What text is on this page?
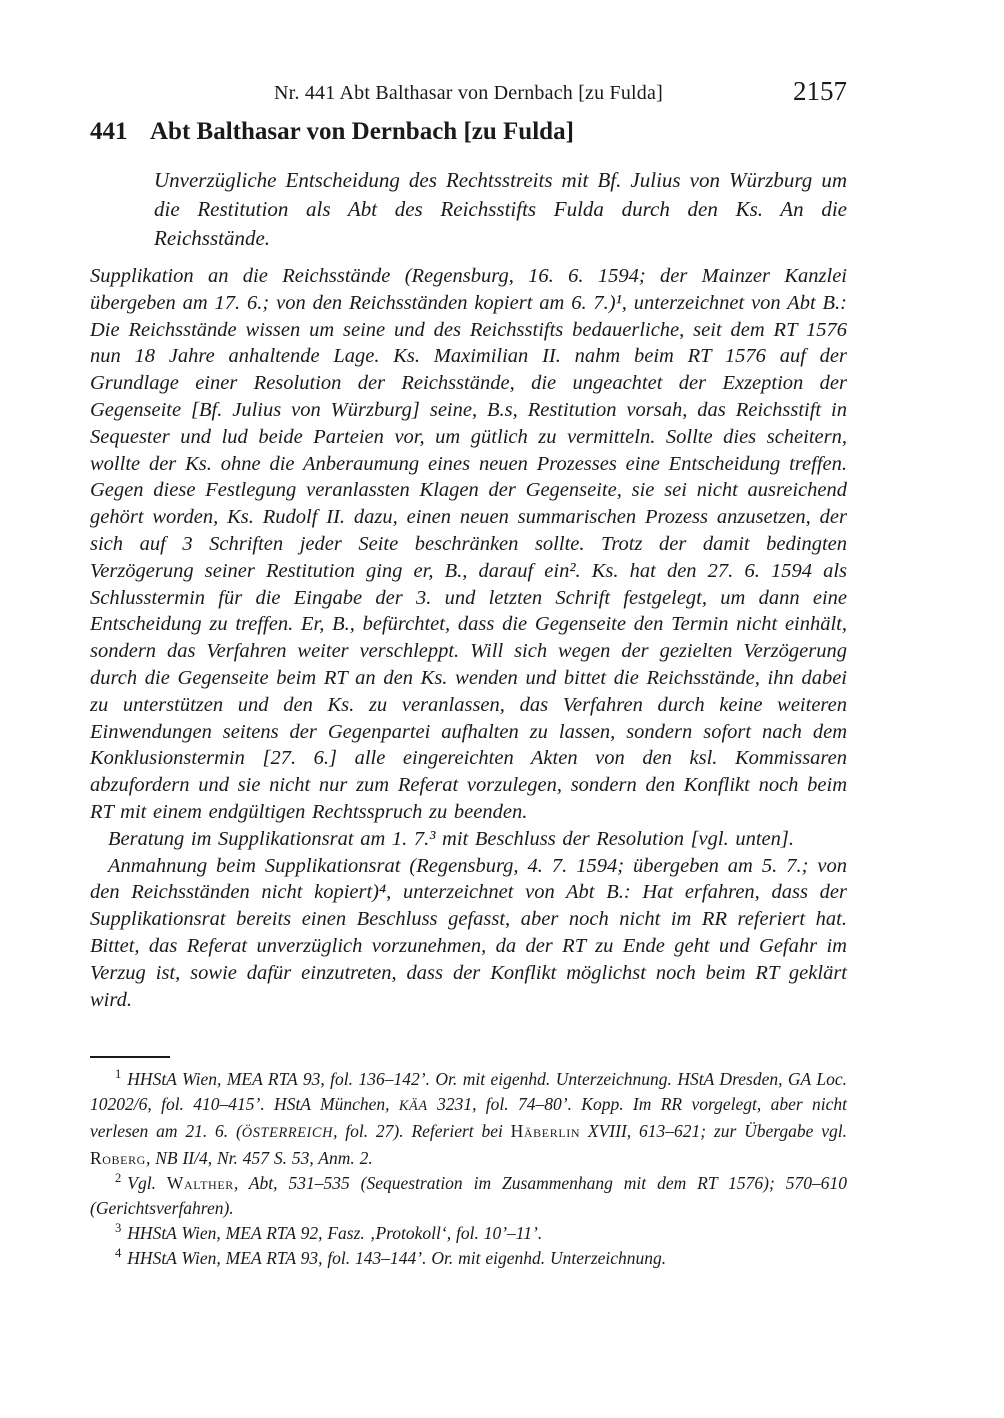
Nr. 441 Abt Balthasar von Dernbach [zu Fulda]	2157
441 Abt Balthasar von Dernbach [zu Fulda]

Unverzügliche Entscheidung des Rechtsstreits mit Bf. Julius von Würzburg um die Restitution als Abt des Reichsstifts Fulda durch den Ks. An die Reichsstände.

Supplikation an die Reichsstände (Regensburg, 16. 6. 1594; der Mainzer Kanzlei übergeben am 17. 6.; von den Reichsständen kopiert am 6. 7.)¹, unterzeichnet von Abt B.: Die Reichsstände wissen um seine und des Reichsstifts bedauerliche, seit dem RT 1576 nun 18 Jahre anhaltende Lage. Ks. Maximilian II. nahm beim RT 1576 auf der Grundlage einer Resolution der Reichsstände, die ungeachtet der Exzeption der Gegenseite [Bf. Julius von Würzburg] seine, B.s, Restitution vorsah, das Reichsstift in Sequester und lud beide Parteien vor, um gütlich zu vermitteln. Sollte dies scheitern, wollte der Ks. ohne die Anberaumung eines neuen Prozesses eine Entscheidung treffen. Gegen diese Festlegung veranlassten Klagen der Gegenseite, sie sei nicht ausreichend gehört worden, Ks. Rudolf II. dazu, einen neuen summarischen Prozess anzusetzen, der sich auf 3 Schriften jeder Seite beschränken sollte. Trotz der damit bedingten Verzögerung seiner Restitution ging er, B., darauf ein². Ks. hat den 27. 6. 1594 als Schlusstermin für die Eingabe der 3. und letzten Schrift festgelegt, um dann eine Entscheidung zu treffen. Er, B., befürchtet, dass die Gegenseite den Termin nicht einhält, sondern das Verfahren weiter verschleppt. Will sich wegen der gezielten Verzögerung durch die Gegenseite beim RT an den Ks. wenden und bittet die Reichsstände, ihn dabei zu unterstützen und den Ks. zu veranlassen, das Verfahren durch keine weiteren Einwendungen seitens der Gegenpartei aufhalten zu lassen, sondern sofort nach dem Konklusionstermin [27. 6.] alle eingereichten Akten von den ksl. Kommissaren abzufordern und sie nicht nur zum Referat vorzulegen, sondern den Konflikt noch beim RT mit einem endgültigen Rechtsspruch zu beenden.

Beratung im Supplikationsrat am 1. 7.³ mit Beschluss der Resolution [vgl. unten].

Anmahnung beim Supplikationsrat (Regensburg, 4. 7. 1594; übergeben am 5. 7.; von den Reichsständen nicht kopiert)⁴, unterzeichnet von Abt B.: Hat erfahren, dass der Supplikationsrat bereits einen Beschluss gefasst, aber noch nicht im RR referiert hat. Bittet, das Referat unverzüglich vorzunehmen, da der RT zu Ende geht und Gefahr im Verzug ist, sowie dafür einzutreten, dass der Konflikt möglichst noch beim RT geklärt wird.

$^1$ HHStA Wien, MEA RTA 93, fol. 136–142’. Or. mit eigenhd. Unterzeichnung. HStA Dresden, GA Loc. 10202/6, fol. 410–415’. HStA München, KÄA 3231, fol. 74–80’. Kopp. Im RR vorgelegt, aber nicht verlesen am 21. 6. (ÖSTERREICH, fol. 27). Referiert bei Häberlin XVIII, 613–621; zur Übergabe vgl. Roberg, NB II/4, Nr. 457 S. 53, Anm. 2.

$^2$ Vgl. Walther, Abt, 531–535 (Sequestration im Zusammenhang mit dem RT 1576); 570–610 (Gerichtsverfahren).

$^3$ HHStA Wien, MEA RTA 92, Fasz. ‚Protokoll‘, fol. 10’–11’.

$^4$ HHStA Wien, MEA RTA 93, fol. 143–144’. Or. mit eigenhd. Unterzeichnung.
